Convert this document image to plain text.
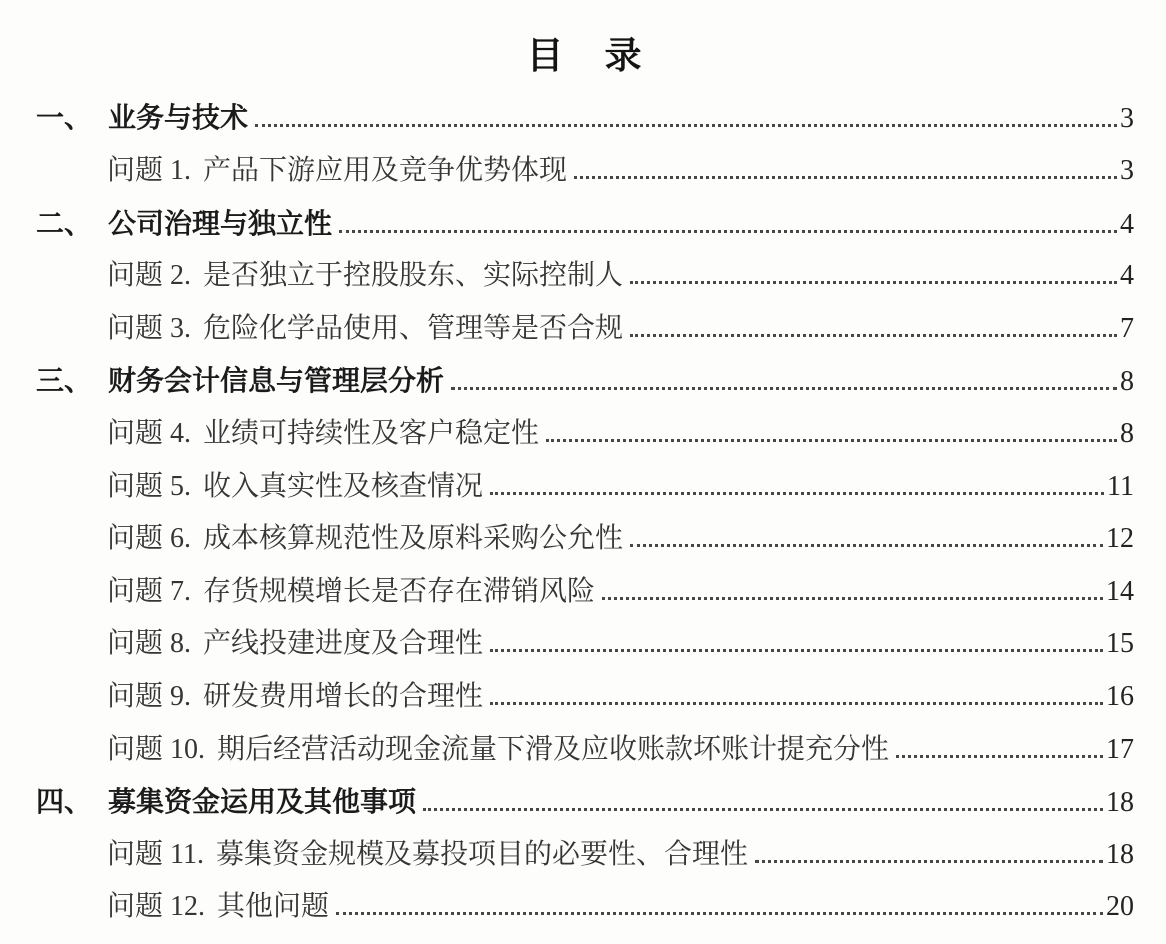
目　录
一、 业务与技术	3
问题 1. 产品下游应用及竞争优势体现	3
二、 公司治理与独立性	4
问题 2. 是否独立于控股股东、实际控制人	4
问题 3. 危险化学品使用、管理等是否合规	7
三、 财务会计信息与管理层分析	8
问题 4. 业绩可持续性及客户稳定性	8
问题 5. 收入真实性及核查情况	11
问题 6. 成本核算规范性及原料采购公允性	12
问题 7. 存货规模增长是否存在滞销风险	14
问题 8. 产线投建进度及合理性	15
问题 9. 研发费用增长的合理性	16
问题 10. 期后经营活动现金流量下滑及应收账款坏账计提充分性	17
四、 募集资金运用及其他事项	18
问题 11. 募集资金规模及募投项目的必要性、合理性	18
问题 12. 其他问题	20
